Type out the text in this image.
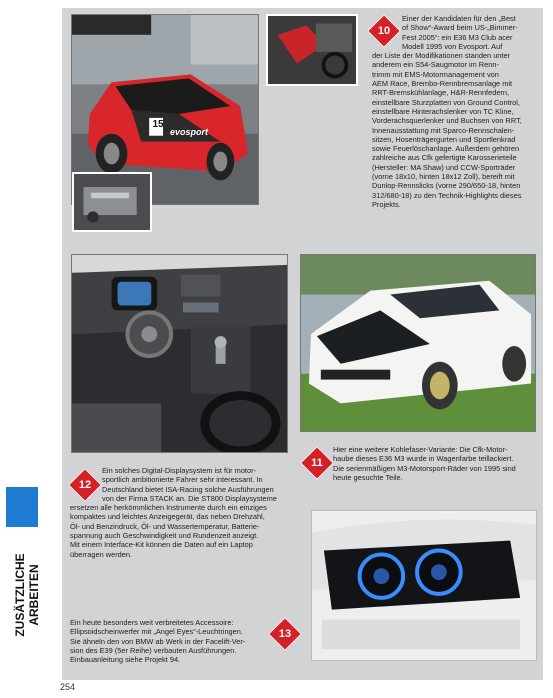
15
evosport
10
Einer der Kandidaten für den „Best
of Show“-Award beim US-„Bimmer-
Fest 2005“: ein E36 M3 Club acer
Modell 1995 von Evosport. Auf
der Liste der Modifikationen standen unter
anderem ein S54-Saugmotor im Renn-
trimm mit EMS-Motormanagement von
AEM Race, Brembo-Rennbremsanlage mit
RRT-Bremskühlanlage, H&R-Rennfedern,
einstellbare Sturzplatten von Ground Control,
einstellbare Hinterachslenker von TC Kline,
Vorderachsquerlenker und Buchsen von RRT,
Innenausstattung mit Sparco-Rennschalen-
sitzen, Hosenträgergurten und Sportlenkrad
sowie Feuerlöschanlage. Außerdem gehören
zahlreiche aus Cfk gefertigte Karosserieteile
(Hersteller: MA Shaw) und CCW-Sporträder
(vorne 18x10, hinten 18x12 Zoll), bereift mit
Dunlop-Rennslicks (vorne 290/650-18, hinten
312/680-18) zu den Technik-Highlights dieses
Projekts.
11
Hier eine weitere Kohlefaser-Variante: Die Cfk-Motor-
haube dieses E36 M3 wurde in Wagenfarbe teillackiert.
Die serienmäßigen M3-Motorsport-Räder von 1995 sind
heute gesuchte Teile.
12
Ein solches Digital-Displaysystem ist für motor-
sportlich ambitionierte Fahrer sehr interessant. In
Deutschland bietet ISA-Racing solche Ausführungen
von der Firma STACK an. Die ST800 Displaysysteme
ersetzen alle herkömmlichen Instrumente durch ein einziges
kompaktes und leichtes Anzeigegerät, das neben Drehzahl,
Öl- und Benzindruck, Öl- und Wassertemperatur, Batterie-
spannung auch Geschwindigkeit und Rundenzeit anzeigt.
Mit einem Interface-Kit können die Daten auf ein Laptop
überragen werden.
13
Ein heute besonders weit verbreitetes Accessoire:
Ellipsoidscheinwerfer mit „Angel Eyes“-Leuchtringen.
Sie ähneln den von BMW ab Werk in der Facelift-Ver-
sion des E39 (5er Reihe) verbauten Ausführungen.
Einbauanleitung siehe Projekt 94.
ZUSÄTZLICHE ARBEITEN
254
